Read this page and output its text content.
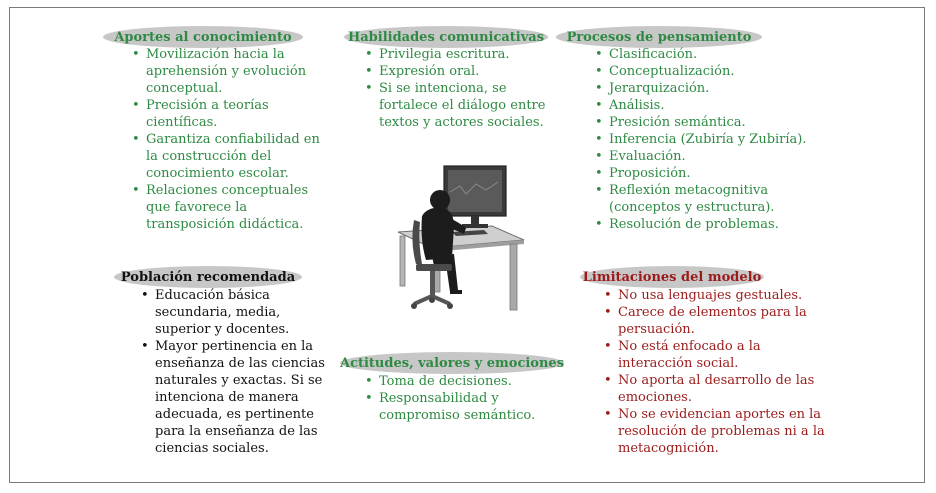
Aportes al conocimiento
• Movilización hacia la aprehensión y evolución conceptual.
• Precisión a teorías científicas.
• Garantiza confiabilidad en la construcción del conocimiento escolar.
• Relaciones conceptuales que favorece la transposición didáctica.
Habilidades comunicativas
• Privilegia escritura.
• Expresión oral.
• Si se intenciona, se fortalece el diálogo entre textos y actores sociales.
Procesos de pensamiento
• Clasificación.
• Conceptualización.
• Jerarquización.
• Análisis.
• Presición semántica.
• Inferencia (Zubiría y Zubiría).
• Evaluación.
• Proposición.
• Reflexión metacognitiva (conceptos y estructura).
• Resolución de problemas.
Población recomendada
• Educación básica secundaria, media, superior y docentes.
• Mayor pertinencia en la enseñanza de las ciencias naturales y exactas. Si se intenciona de manera adecuada, es pertinente para la enseñanza de las ciencias sociales.
Actitudes, valores y emociones
• Toma de decisiones.
• Responsabilidad y compromiso semántico.
Limitaciones del modelo
• No usa lenguajes gestuales.
• Carece de elementos para la persuación.
• No está enfocado a la interacción social.
• No aporta al desarrollo de las emociones.
• No se evidencian aportes en la resolución de problemas ni a la metacognición.
